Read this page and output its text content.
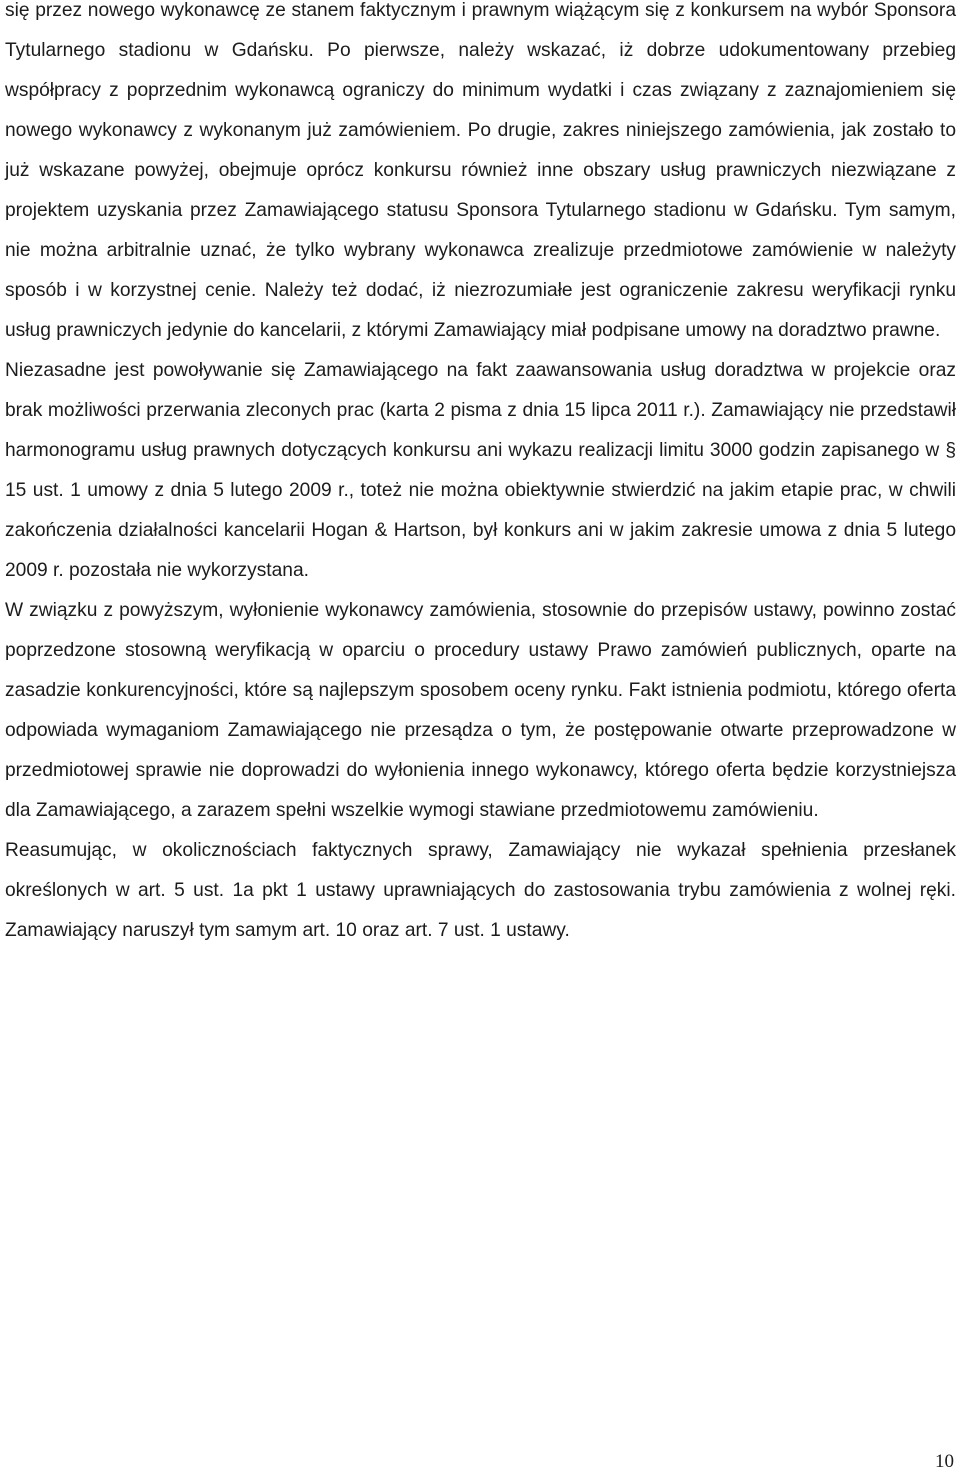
się przez nowego wykonawcę ze stanem faktycznym i prawnym wiążącym się z konkursem na wybór Sponsora Tytularnego stadionu w Gdańsku. Po pierwsze, należy wskazać, iż dobrze udokumentowany przebieg współpracy z poprzednim wykonawcą ograniczy do minimum wydatki i czas związany z zaznajomieniem się nowego wykonawcy z wykonanym już zamówieniem. Po drugie, zakres niniejszego zamówienia, jak zostało to już wskazane powyżej, obejmuje oprócz konkursu również inne obszary usług prawniczych niezwiązane z projektem uzyskania przez Zamawiającego statusu Sponsora Tytularnego stadionu w Gdańsku. Tym samym, nie można arbitralnie uznać, że tylko wybrany wykonawca zrealizuje przedmiotowe zamówienie w należyty sposób i w korzystnej cenie. Należy też dodać, iż niezrozumiałe jest ograniczenie zakresu weryfikacji rynku usług prawniczych jedynie do kancelarii, z którymi Zamawiający miał podpisane umowy na doradztwo prawne.

Niezasadne jest powoływanie się Zamawiającego na fakt zaawansowania usług doradztwa w projekcie oraz brak możliwości przerwania zleconych prac (karta 2 pisma z dnia 15 lipca 2011 r.). Zamawiający nie przedstawił harmonogramu usług prawnych dotyczących konkursu ani wykazu realizacji limitu 3000 godzin zapisanego w § 15 ust. 1 umowy z dnia 5 lutego 2009 r., toteż nie można obiektywnie stwierdzić na jakim etapie prac, w chwili zakończenia działalności kancelarii Hogan & Hartson, był konkurs ani w jakim zakresie umowa z dnia 5 lutego 2009 r. pozostała nie wykorzystana.

W związku z powyższym, wyłonienie wykonawcy zamówienia, stosownie do przepisów ustawy, powinno zostać poprzedzone stosowną weryfikacją w oparciu o procedury ustawy Prawo zamówień publicznych, oparte na zasadzie konkurencyjności, które są najlepszym sposobem oceny rynku. Fakt istnienia podmiotu, którego oferta odpowiada wymaganiom Zamawiającego nie przesądza o tym, że postępowanie otwarte przeprowadzone w przedmiotowej sprawie nie doprowadzi do wyłonienia innego wykonawcy, którego oferta będzie korzystniejsza dla Zamawiającego, a zarazem spełni wszelkie wymogi stawiane przedmiotowemu zamówieniu.

Reasumując, w okolicznościach faktycznych sprawy, Zamawiający nie wykazał spełnienia przesłanek określonych w art. 5 ust. 1a pkt 1 ustawy uprawniających do zastosowania trybu zamówienia z wolnej ręki. Zamawiający naruszył tym samym art. 10 oraz art. 7 ust. 1 ustawy.

10
